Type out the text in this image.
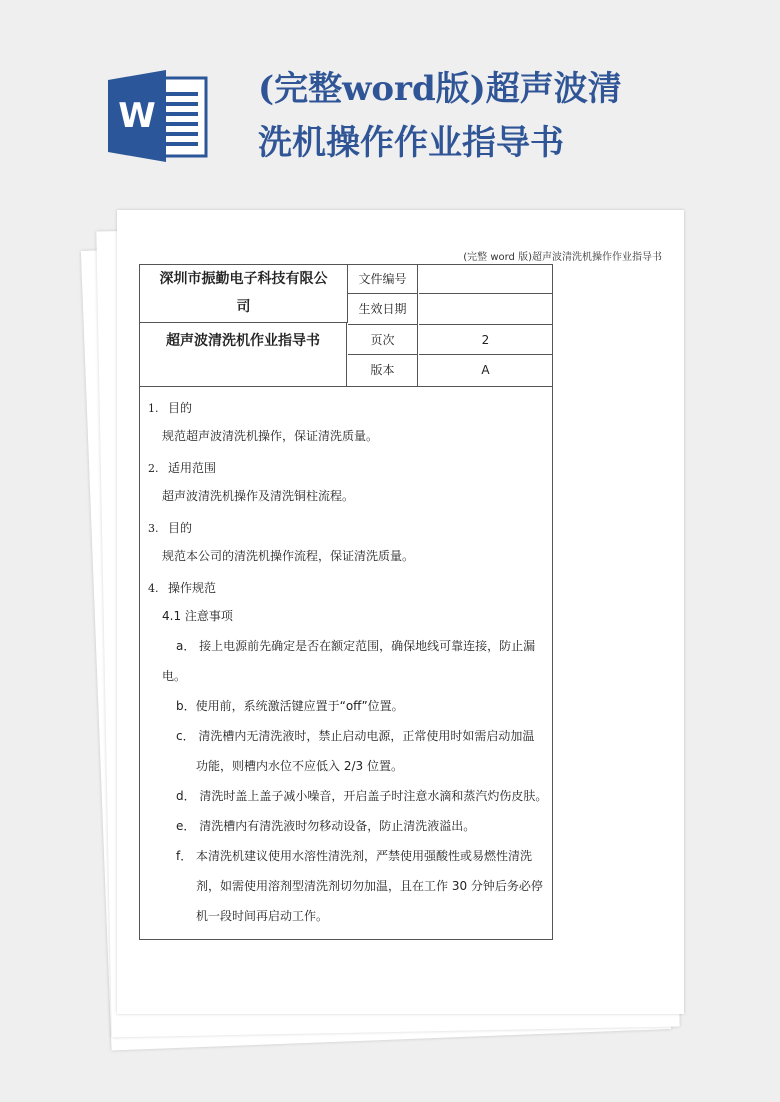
W
(完整word版)超声波清
洗机操作作业指导书
(完整 word 版)超声波清洗机操作作业指导书
深圳市振勤电子科技有限公
司
超声波清洗机作业指导书
文件编号
生效日期
页次	2
版本	A
1. 目的
规范超声波清洗机操作，保证清洗质量。
2. 适用范围
超声波清洗机操作及清洗铜柱流程。
3. 目的
规范本公司的清洗机操作流程，保证清洗质量。
4. 操作规范
4.1 注意事项
a． 接上电源前先确定是否在额定范围，确保地线可靠连接，防止漏
电。
b．使用前，系统激活键应置于“off”位置。
c． 清洗槽内无清洗液时，禁止启动电源，正常使用时如需启动加温
功能，则槽内水位不应低入 2/3 位置。
d． 清洗时盖上盖子减小噪音，开启盖子时注意水滴和蒸汽灼伤皮肤。
e． 清洗槽内有清洗液时勿移动设备，防止清洗液溢出。
f． 本清洗机建议使用水溶性清洗剂，严禁使用强酸性或易燃性清洗
剂，如需使用溶剂型清洗剂切勿加温，且在工作 30 分钟后务必停
机一段时间再启动工作。
